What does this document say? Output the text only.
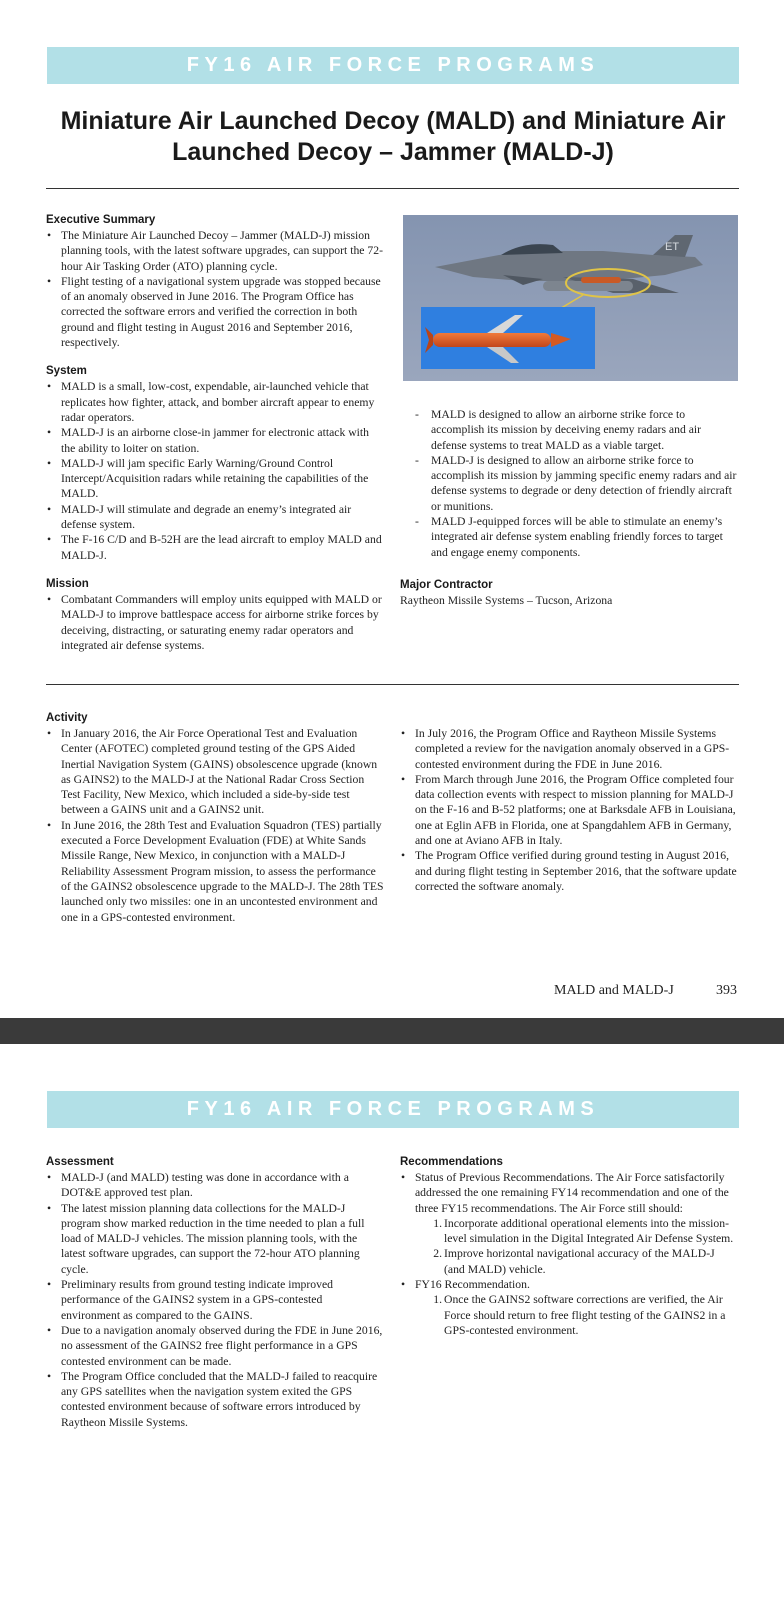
FY16 AIR FORCE PROGRAMS
Miniature Air Launched Decoy (MALD) and Miniature Air Launched Decoy – Jammer (MALD-J)
Executive Summary
• The Miniature Air Launched Decoy – Jammer (MALD-J) mission planning tools, with the latest software upgrades, can support the 72-hour Air Tasking Order (ATO) planning cycle.
• Flight testing of a navigational system upgrade was stopped because of an anomaly observed in June 2016. The Program Office has corrected the software errors and verified the correction in both ground and flight testing in August 2016 and September 2016, respectively.
System
• MALD is a small, low-cost, expendable, air-launched vehicle that replicates how fighter, attack, and bomber aircraft appear to enemy radar operators.
• MALD-J is an airborne close-in jammer for electronic attack with the ability to loiter on station.
• MALD-J will jam specific Early Warning/Ground Control Intercept/Acquisition radars while retaining the capabilities of the MALD.
• MALD-J will stimulate and degrade an enemy’s integrated air defense system.
• The F-16 C/D and B-52H are the lead aircraft to employ MALD and MALD-J.
Mission
• Combatant Commanders will employ units equipped with MALD or MALD-J to improve battlespace access for airborne strike forces by deceiving, distracting, or saturating enemy radar operators and integrated air defense systems.
ET
- MALD is designed to allow an airborne strike force to accomplish its mission by deceiving enemy radars and air defense systems to treat MALD as a viable target.
- MALD-J is designed to allow an airborne strike force to accomplish its mission by jamming specific enemy radars and air defense systems to degrade or deny detection of friendly aircraft or munitions.
- MALD J-equipped forces will be able to stimulate an enemy’s integrated air defense system enabling friendly forces to target and engage enemy components.
Major Contractor
Raytheon Missile Systems – Tucson, Arizona
Activity
• In January 2016, the Air Force Operational Test and Evaluation Center (AFOTEC) completed ground testing of the GPS Aided Inertial Navigation System (GAINS) obsolescence upgrade (known as GAINS2) to the MALD-J at the National Radar Cross Section Test Facility, New Mexico, which included a side-by-side test between a GAINS unit and a GAINS2 unit.
• In June 2016, the 28th Test and Evaluation Squadron (TES) partially executed a Force Development Evaluation (FDE) at White Sands Missile Range, New Mexico, in conjunction with a MALD-J Reliability Assessment Program mission, to assess the performance of the GAINS2 obsolescence upgrade to the MALD-J. The 28th TES launched only two missiles: one in an uncontested environment and one in a GPS-contested environment.
• In July 2016, the Program Office and Raytheon Missile Systems completed a review for the navigation anomaly observed in a GPS-contested environment during the FDE in June 2016.
• From March through June 2016, the Program Office completed four data collection events with respect to mission planning for MALD-J on the F-16 and B-52 platforms; one at Barksdale AFB in Louisiana, one at Eglin AFB in Florida, one at Spangdahlem AFB in Germany, and one at Aviano AFB in Italy.
• The Program Office verified during ground testing in August 2016, and during flight testing in September 2016, that the software update corrected the software anomaly.
MALD and MALD-J	393
FY16 AIR FORCE PROGRAMS
Assessment
• MALD-J (and MALD) testing was done in accordance with a DOT&E approved test plan.
• The latest mission planning data collections for the MALD-J program show marked reduction in the time needed to plan a full load of MALD-J vehicles. The mission planning tools, with the latest software upgrades, can support the 72-hour ATO planning cycle.
• Preliminary results from ground testing indicate improved performance of the GAINS2 system in a GPS-contested environment as compared to the GAINS.
• Due to a navigation anomaly observed during the FDE in June 2016, no assessment of the GAINS2 free flight performance in a GPS contested environment can be made.
• The Program Office concluded that the MALD-J failed to reacquire any GPS satellites when the navigation system exited the GPS contested environment because of software errors introduced by Raytheon Missile Systems.
Recommendations
• Status of Previous Recommendations. The Air Force satisfactorily addressed the one remaining FY14 recommendation and one of the three FY15 recommendations. The Air Force still should:
1. Incorporate additional operational elements into the mission-level simulation in the Digital Integrated Air Defense System.
2. Improve horizontal navigational accuracy of the MALD-J (and MALD) vehicle.
• FY16 Recommendation.
1. Once the GAINS2 software corrections are verified, the Air Force should return to free flight testing of the GAINS2 in a GPS-contested environment.
